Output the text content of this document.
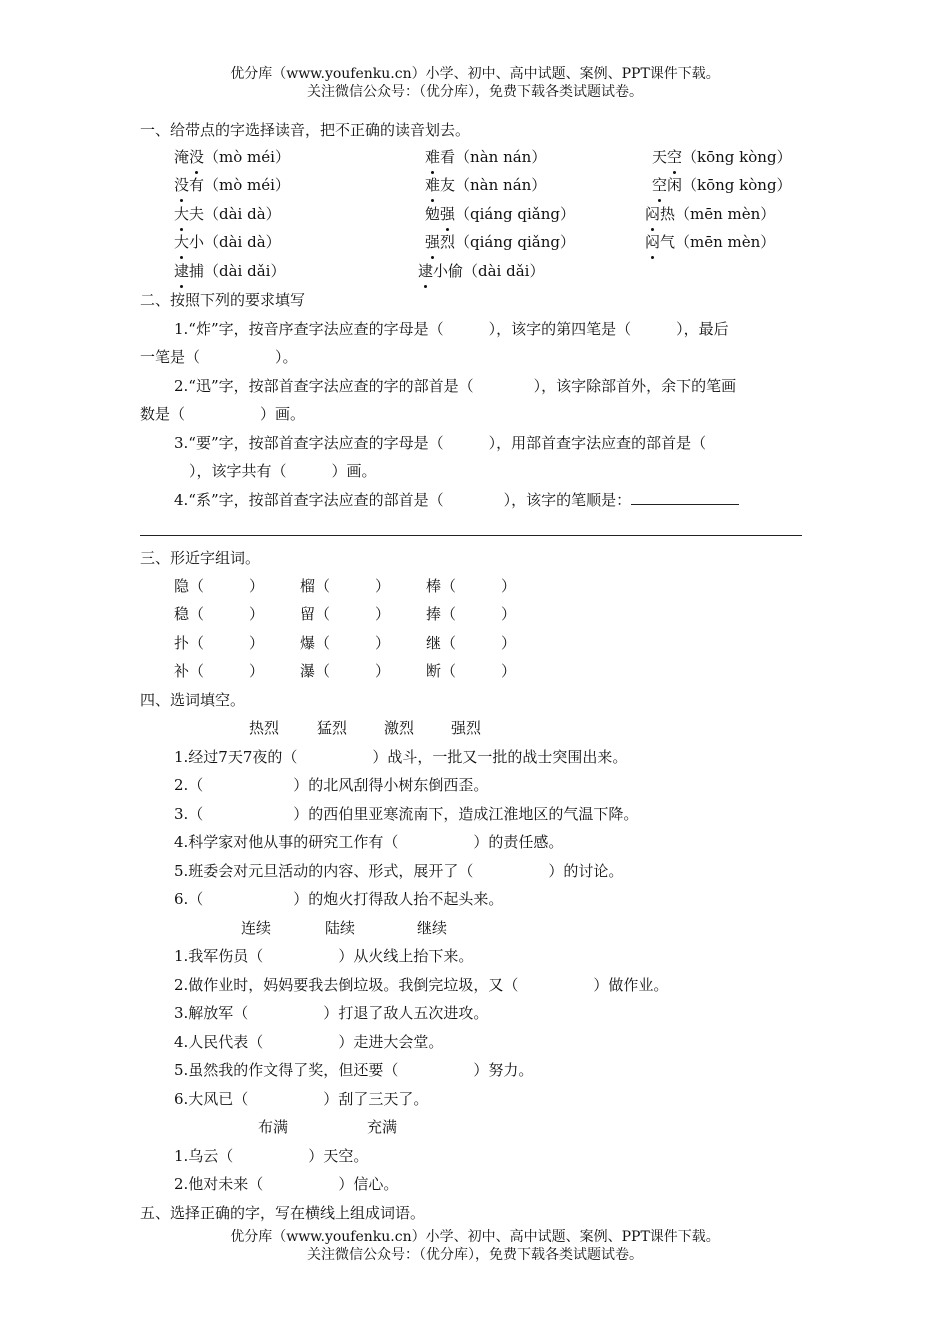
优分库（www.youfenku.cn）小学、初中、高中试题、案例、PPT课件下载。
关注微信公众号：（优分库），免费下载各类试题试卷。
一、给带点的字选择读音，把不正确的读音划去。
淹没（mò méi）	难看（nàn nán）	天空（kōng kòng）
没有（mò méi）	难友（nàn nán）	空闲（kōng kòng）
大夫（dài dà）	勉强（qiáng qiǎng）	闷热（mēn mèn）
大小（dài dà）	强烈（qiáng qiǎng）	闷气（mēn mèn）
逮捕（dài dǎi）	逮小偷（dài dǎi）
二、按照下列的要求填写
1.“炸”字，按音序查字法应查的字母是（　　　），该字的第四笔是（　　　），最后
一笔是（　　　　　）。
2.“迅”字，按部首查字法应查的字的部首是（　　　　），该字除部首外，余下的笔画
数是（　　　　　）画。
3.“要”字，按部首查字法应查的字母是（　　　），用部首查字法应查的部首是（
　），该字共有（　　　）画。
4.“系”字，按部首查字法应查的部首是（　　　　），该字的笔顺是：
三、形近字组词。
隐（　　　） 榴（　　　） 棒（　　　）
稳（　　　） 留（　　　） 捧（　　　）
扑（　　　） 爆（　　　） 继（　　　）
补（　　　） 瀑（　　　） 断（　　　）
四、选词填空。
热烈	猛烈 激烈 强烈
1.经过7天7夜的（　　　　　）战斗，一批又一批的战士突围出来。
2.（　　　　　　）的北风刮得小树东倒西歪。
3.（　　　　　　）的西伯里亚寒流南下，造成江淮地区的气温下降。
4.科学家对他从事的研究工作有（　　　　　）的责任感。
5.班委会对元旦活动的内容、形式，展开了（　　　　　）的讨论。
6.（　　　　　　）的炮火打得敌人抬不起头来。
连续	陆续	继续
1.我军伤员（　　　　　）从火线上抬下来。
2.做作业时，妈妈要我去倒垃圾。我倒完垃圾，又（　　　　　）做作业。
3.解放军（　　　　　）打退了敌人五次进攻。
4.人民代表（　　　　　）走进大会堂。
5.虽然我的作文得了奖，但还要（　　　　　）努力。
6.大风已（　　　　　）刮了三天了。
布满	充满
1.乌云（　　　　　）天空。
2.他对未来（　　　　　）信心。
五、选择正确的字，写在横线上组成词语。
优分库（www.youfenku.cn）小学、初中、高中试题、案例、PPT课件下载。
关注微信公众号：（优分库），免费下载各类试题试卷。
